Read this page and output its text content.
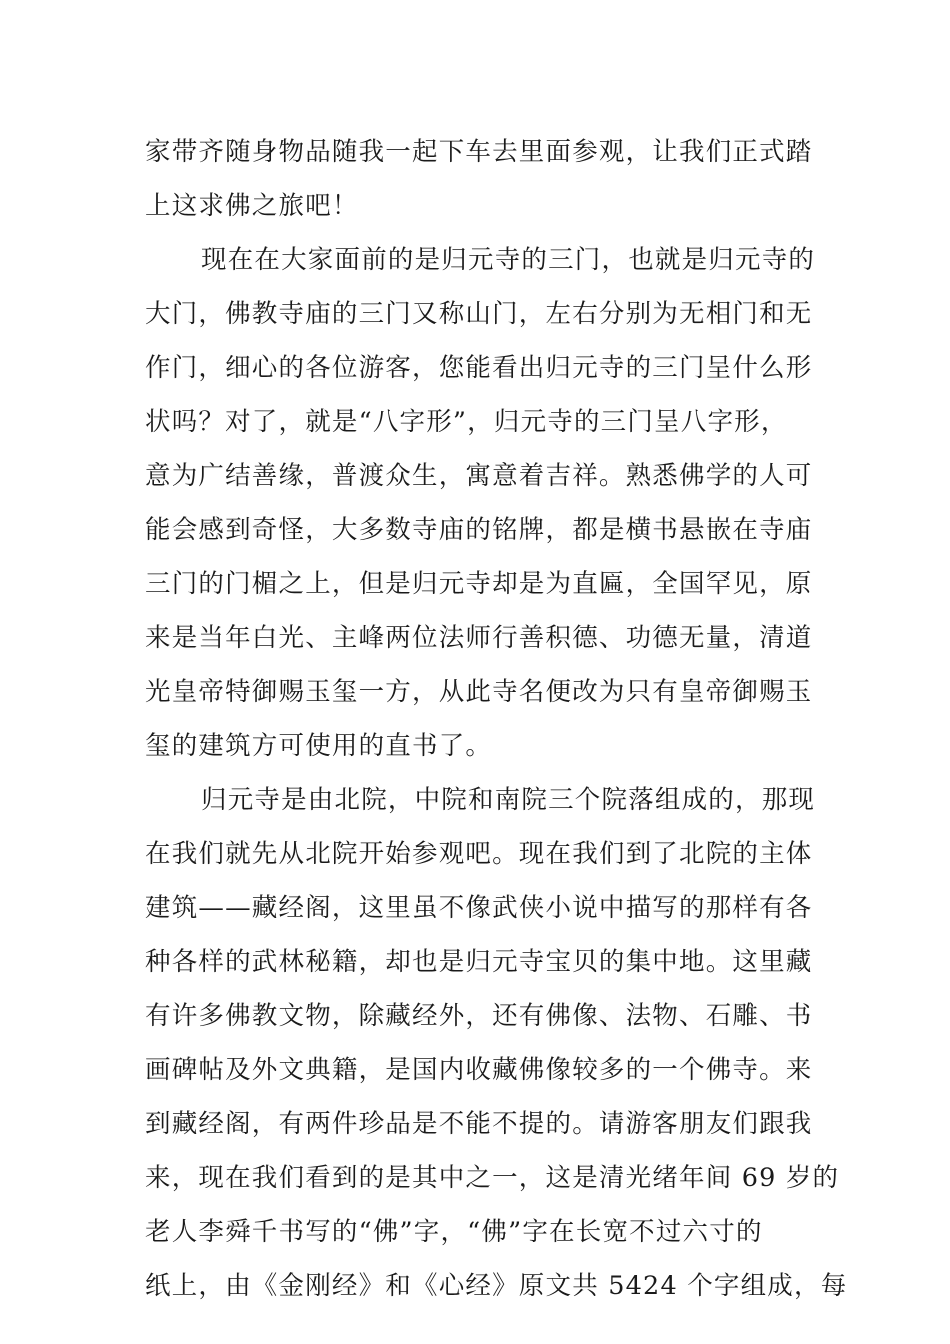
家带齐随身物品随我一起下车去里面参观，让我们正式踏
上这求佛之旅吧！
现在在大家面前的是归元寺的三门，也就是归元寺的
大门，佛教寺庙的三门又称山门，左右分别为无相门和无
作门，细心的各位游客，您能看出归元寺的三门呈什么形
状吗？对了，就是“八字形”，归元寺的三门呈八字形，
意为广结善缘，普渡众生，寓意着吉祥。熟悉佛学的人可
能会感到奇怪，大多数寺庙的铭牌，都是横书悬嵌在寺庙
三门的门楣之上，但是归元寺却是为直匾，全国罕见，原
来是当年白光、主峰两位法师行善积德、功德无量，清道
光皇帝特御赐玉玺一方，从此寺名便改为只有皇帝御赐玉
玺的建筑方可使用的直书了。
归元寺是由北院，中院和南院三个院落组成的，那现
在我们就先从北院开始参观吧。现在我们到了北院的主体
建筑——藏经阁，这里虽不像武侠小说中描写的那样有各
种各样的武林秘籍，却也是归元寺宝贝的集中地。这里藏
有许多佛教文物，除藏经外，还有佛像、法物、石雕、书
画碑帖及外文典籍，是国内收藏佛像较多的一个佛寺。来
到藏经阁，有两件珍品是不能不提的。请游客朋友们跟我
来，现在我们看到的是其中之一，这是清光绪年间 69 岁的
老人李舜千书写的“佛”字，“佛”字在长宽不过六寸的
纸上，由《金刚经》和《心经》原文共 5424 个字组成，每
